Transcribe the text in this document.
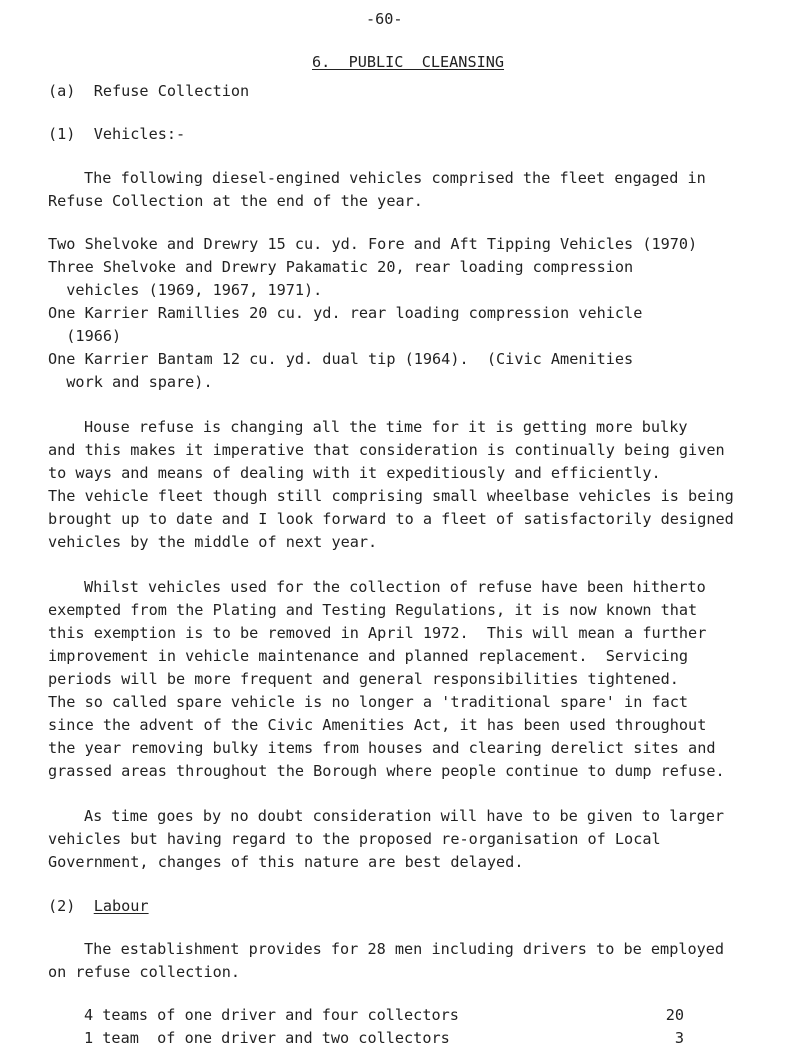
-60-
6.  PUBLIC  CLEANSING
(a)  Refuse Collection
(1)  Vehicles:-
The following diesel-engined vehicles comprised the fleet engaged in
Refuse Collection at the end of the year.
Two Shelvoke and Drewry 15 cu. yd. Fore and Aft Tipping Vehicles (1970)
Three Shelvoke and Drewry Pakamatic 20, rear loading compression
vehicles (1969, 1967, 1971).
One Karrier Ramillies 20 cu. yd. rear loading compression vehicle
(1966)
One Karrier Bantam 12 cu. yd. dual tip (1964).  (Civic Amenities
work and spare).
House refuse is changing all the time for it is getting more bulky
and this makes it imperative that consideration is continually being given
to ways and means of dealing with it expeditiously and efficiently.
The vehicle fleet though still comprising small wheelbase vehicles is being
brought up to date and I look forward to a fleet of satisfactorily designed
vehicles by the middle of next year.
Whilst vehicles used for the collection of refuse have been hitherto
exempted from the Plating and Testing Regulations, it is now known that
this exemption is to be removed in April 1972.  This will mean a further
improvement in vehicle maintenance and planned replacement.  Servicing
periods will be more frequent and general responsibilities tightened.
The so called spare vehicle is no longer a 'traditional spare' in fact
since the advent of the Civic Amenities Act, it has been used throughout
the year removing bulky items from houses and clearing derelict sites and
grassed areas throughout the Borough where people continue to dump refuse.
As time goes by no doubt consideration will have to be given to larger
vehicles but having regard to the proposed re-organisation of Local
Government, changes of this nature are best delayed.
(2)  Labour
The establishment provides for 28 men including drivers to be employed
on refuse collection.
4 teams of one driver and four collectors	20
1 team  of one driver and two collectors	3
